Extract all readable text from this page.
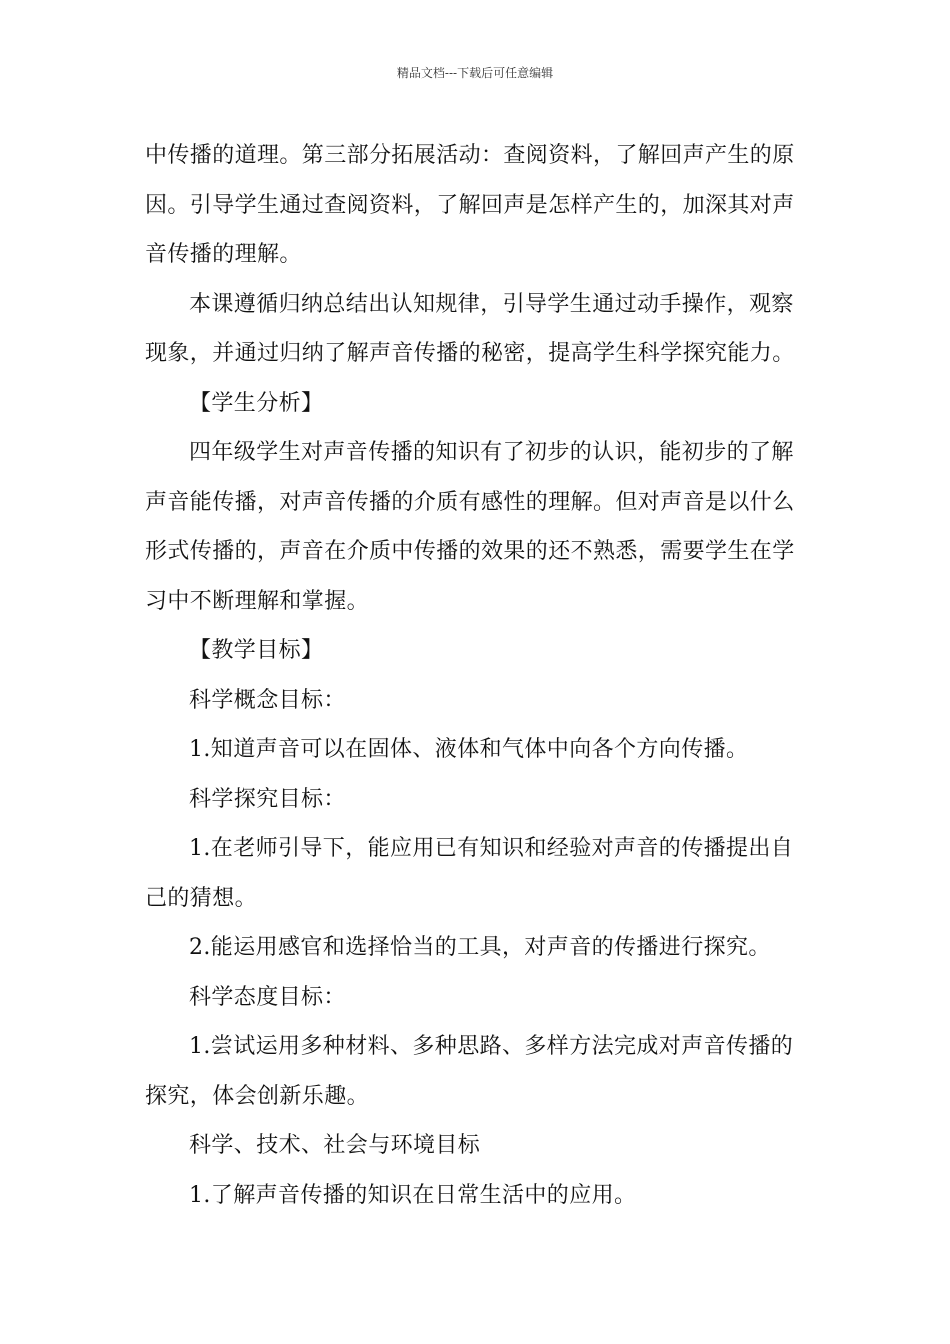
精品文档---下载后可任意编辑

中传播的道理。第三部分拓展活动：查阅资料，了解回声产生的原因。引导学生通过查阅资料，了解回声是怎样产生的，加深其对声音传播的理解。

本课遵循归纳总结出认知规律，引导学生通过动手操作，观察现象，并通过归纳了解声音传播的秘密，提高学生科学探究能力。

【学生分析】

四年级学生对声音传播的知识有了初步的认识，能初步的了解声音能传播，对声音传播的介质有感性的理解。但对声音是以什么形式传播的，声音在介质中传播的效果的还不熟悉，需要学生在学习中不断理解和掌握。

【教学目标】

科学概念目标：

1.知道声音可以在固体、液体和气体中向各个方向传播。

科学探究目标：

1.在老师引导下，能应用已有知识和经验对声音的传播提出自己的猜想。

2.能运用感官和选择恰当的工具，对声音的传播进行探究。

科学态度目标：

1.尝试运用多种材料、多种思路、多样方法完成对声音传播的探究，体会创新乐趣。

科学、技术、社会与环境目标

1.了解声音传播的知识在日常生活中的应用。
